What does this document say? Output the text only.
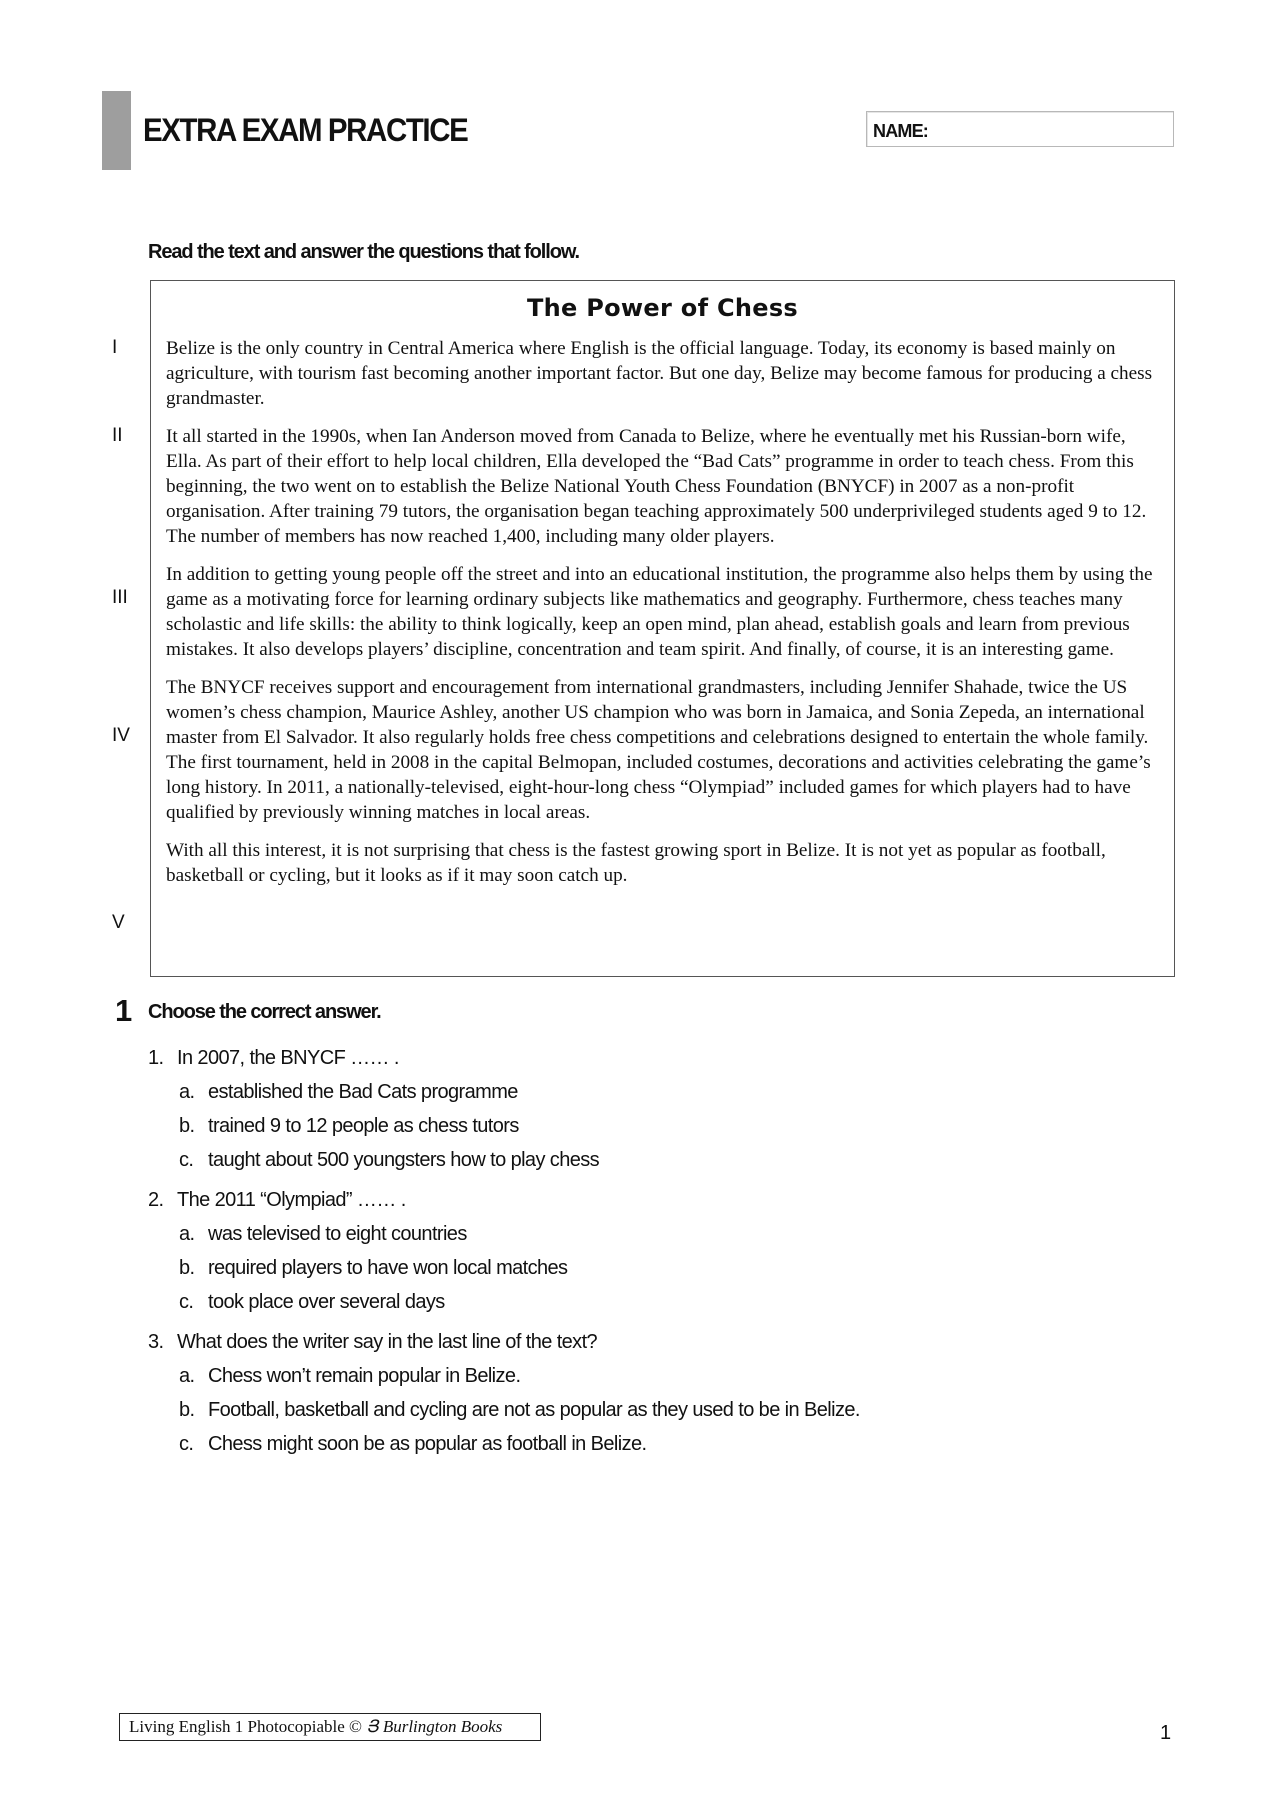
EXTRA EXAM PRACTICE	NAME:
Read the text and answer the questions that follow.
I
II
III
IV
V
The Power of Chess

Belize is the only country in Central America where English is the official language. Today, its economy is based mainly on agriculture, with tourism fast becoming another important factor. But one day, Belize may become famous for producing a chess grandmaster.

It all started in the 1990s, when Ian Anderson moved from Canada to Belize, where he eventually met his Russian-born wife, Ella. As part of their effort to help local children, Ella developed the “Bad Cats” programme in order to teach chess. From this beginning, the two went on to establish the Belize National Youth Chess Foundation (BNYCF) in 2007 as a non-profit organisation. After training 79 tutors, the organisation began teaching approximately 500 underprivileged students aged 9 to 12. The number of members has now reached 1,400, including many older players.

In addition to getting young people off the street and into an educational institution, the programme also helps them by using the game as a motivating force for learning ordinary subjects like mathematics and geography. Furthermore, chess teaches many scholastic and life skills: the ability to think logically, keep an open mind, plan ahead, establish goals and learn from previous mistakes. It also develops players’ discipline, concentration and team spirit. And finally, of course, it is an interesting game.

The BNYCF receives support and encouragement from international grandmasters, including Jennifer Shahade, twice the US women’s chess champion, Maurice Ashley, another US champion who was born in Jamaica, and Sonia Zepeda, an international master from El Salvador. It also regularly holds free chess competitions and celebrations designed to entertain the whole family. The first tournament, held in 2008 in the capital Belmopan, included costumes, decorations and activities celebrating the game’s long history. In 2011, a nationally-televised, eight-hour-long chess “Olympiad” included games for which players had to have qualified by previously winning matches in local areas.

With all this interest, it is not surprising that chess is the fastest growing sport in Belize. It is not yet as popular as football, basketball or cycling, but it looks as if it may soon catch up.

1 Choose the correct answer.
1. In 2007, the BNYCF …… .
a. established the Bad Cats programme
b. trained 9 to 12 people as chess tutors
c. taught about 500 youngsters how to play chess
2. The 2011 “Olympiad” …… .
a. was televised to eight countries
b. required players to have won local matches
c. took place over several days
3. What does the writer say in the last line of the text?
a. Chess won’t remain popular in Belize.
b. Football, basketball and cycling are not as popular as they used to be in Belize.
c. Chess might soon be as popular as football in Belize.
Living English 1 Photocopiable © Յ Burlington Books	1
